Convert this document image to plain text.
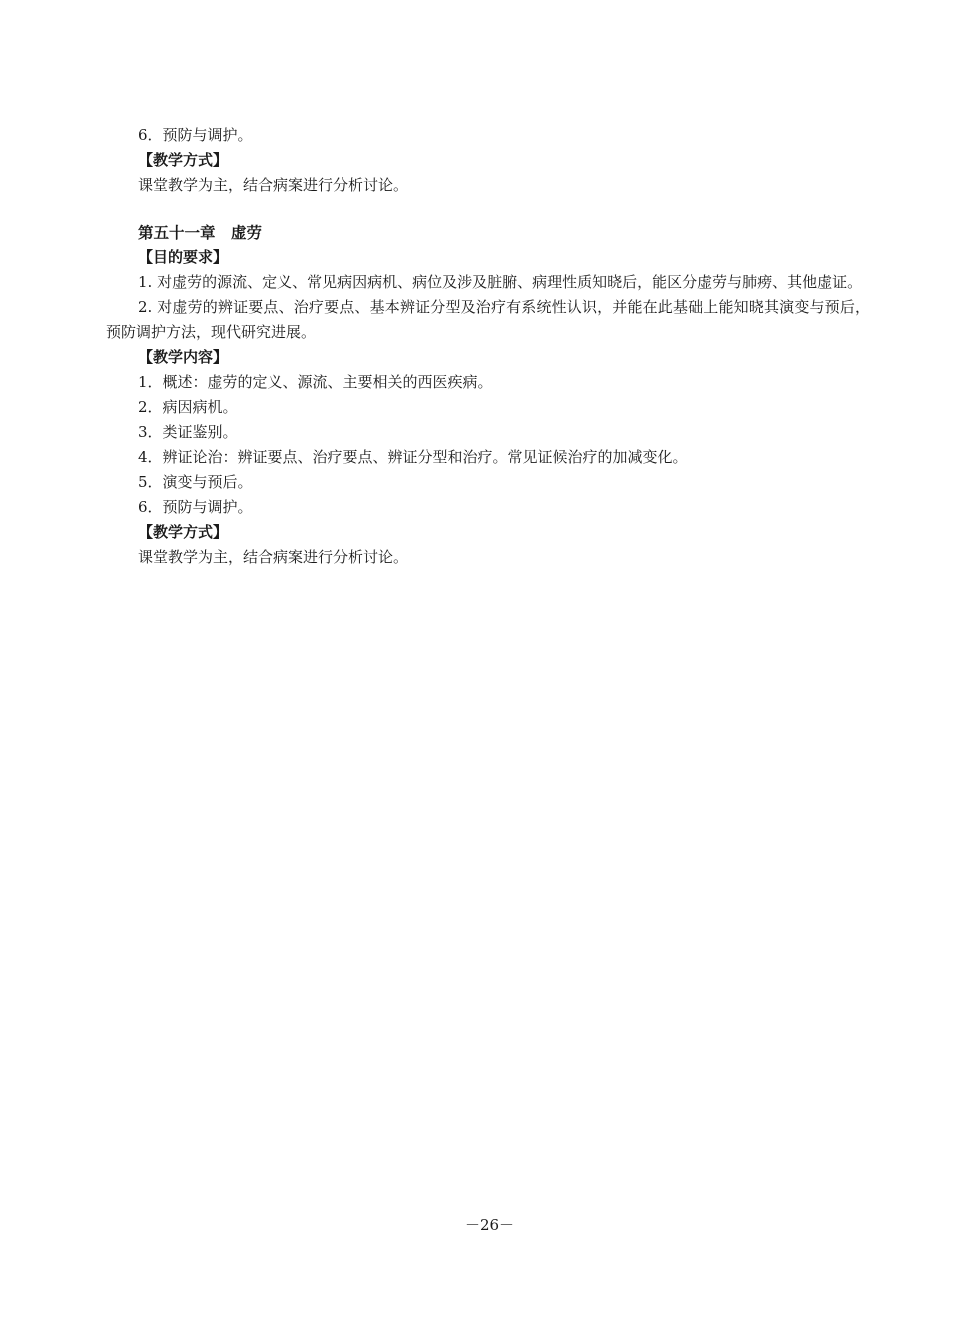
6．预防与调护。
【教学方式】
课堂教学为主，结合病案进行分析讨论。
第五十一章　虚劳
【目的要求】
1. 对虚劳的源流、定义、常见病因病机、病位及涉及脏腑、病理性质知晓后，能区分虚劳与肺痨、其他虚证。
2. 对虚劳的辨证要点、治疗要点、基本辨证分型及治疗有系统性认识，并能在此基础上能知晓其演变与预后，预防调护方法，现代研究进展。
【教学内容】
1．概述：虚劳的定义、源流、主要相关的西医疾病。
2．病因病机。
3．类证鉴别。
4．辨证论治：辨证要点、治疗要点、辨证分型和治疗。常见证候治疗的加减变化。
5．演变与预后。
6．预防与调护。
【教学方式】
课堂教学为主，结合病案进行分析讨论。
－26－
